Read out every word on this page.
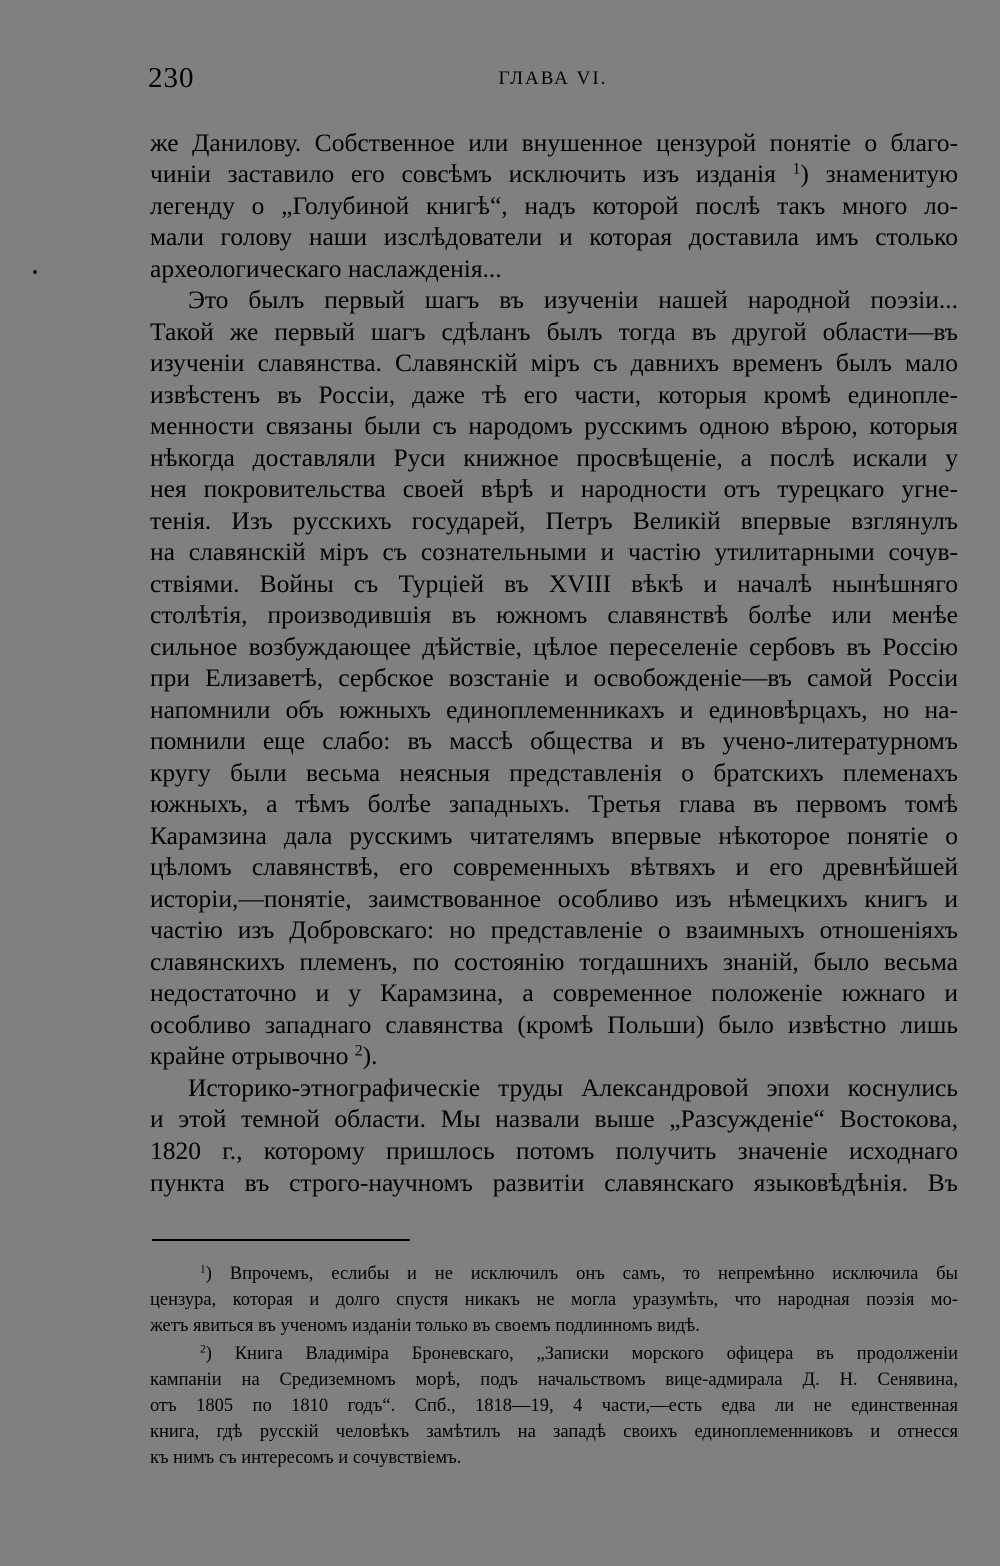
230	ГЛАВА VI.
же Данилову. Собственное или внушенное цензурой понятіе о благо-
чиніи заставило его совсѣмъ исключить изъ изданія $^1$) знаменитую
легенду о „Голубиной книгѣ“, надъ которой послѣ такъ много ло-
мали голову наши изслѣдователи и которая доставила имъ столько
археологическаго наслажденія...
Это былъ первый шагъ въ изученіи нашей народной поэзіи...
Такой же первый шагъ сдѣланъ былъ тогда въ другой области—въ
изученіи славянства. Славянскій міръ съ давнихъ временъ былъ мало
извѣстенъ въ Россіи, даже тѣ его части, которыя кромѣ единопле-
менности связаны были съ народомъ русскимъ одною вѣрою, которыя
нѣкогда доставляли Руси книжное просвѣщеніе, а послѣ искали у
нея покровительства своей вѣрѣ и народности отъ турецкаго угне-
тенія. Изъ русскихъ государей, Петръ Великій впервые взглянулъ
на славянскій міръ съ сознательными и частію утилитарными сочув-
ствіями. Войны съ Турціей въ XVIII вѣкѣ и началѣ нынѣшняго
столѣтія, производившія въ южномъ славянствѣ болѣе или менѣе
сильное возбуждающее дѣйствіе, цѣлое переселеніе сербовъ въ Россію
при Елизаветѣ, сербское возстаніе и освобожденіе—въ самой Россіи
напомнили объ южныхъ единоплеменникахъ и единовѣрцахъ, но на-
помнили еще слабо: въ массѣ общества и въ учено-литературномъ
кругу были весьма неясныя представленія о братскихъ племенахъ
южныхъ, а тѣмъ болѣе западныхъ. Третья глава въ первомъ томѣ
Карамзина дала русскимъ читателямъ впервые нѣкоторое понятіе о
цѣломъ славянствѣ, его современныхъ вѣтвяхъ и его древнѣйшей
исторіи,—понятіе, заимствованное особливо изъ нѣмецкихъ книгъ и
частію изъ Добровскаго: но представленіе о взаимныхъ отношеніяхъ
славянскихъ племенъ, по состоянію тогдашнихъ знаній, было весьма
недостаточно и у Карамзина, а современное положеніе южнаго и
особливо западнаго славянства (кромѣ Польши) было извѣстно лишь
крайне отрывочно $^2$).
Историко-этнографическіе труды Александровой эпохи коснулись
и этой темной области. Мы назвали выше „Разсужденіе“ Востокова,
1820 г., которому пришлось потомъ получить значеніе исходнаго
пункта въ строго-научномъ развитіи славянскаго языковѣдѣнія. Въ
$^1$) Впрочемъ, еслибы и не исключилъ онъ самъ, то непремѣнно исключила бы
цензура, которая и долго спустя никакъ не могла уразумѣть, что народная поэзія мо-
жетъ явиться въ ученомъ изданіи только въ своемъ подлинномъ видѣ.
$^2$) Книга Владиміра Броневскаго, „Записки морского офицера въ продолженіи
кампаніи на Средиземномъ морѣ, подъ начальствомъ вице-адмирала Д. Н. Сенявина,
отъ 1805 по 1810 годъ“. Спб., 1818—19, 4 части,—есть едва ли не единственная
книга, гдѣ русскій человѣкъ замѣтилъ на западѣ своихъ единоплеменниковъ и отнесся
къ нимъ съ интересомъ и сочувствіемъ.
